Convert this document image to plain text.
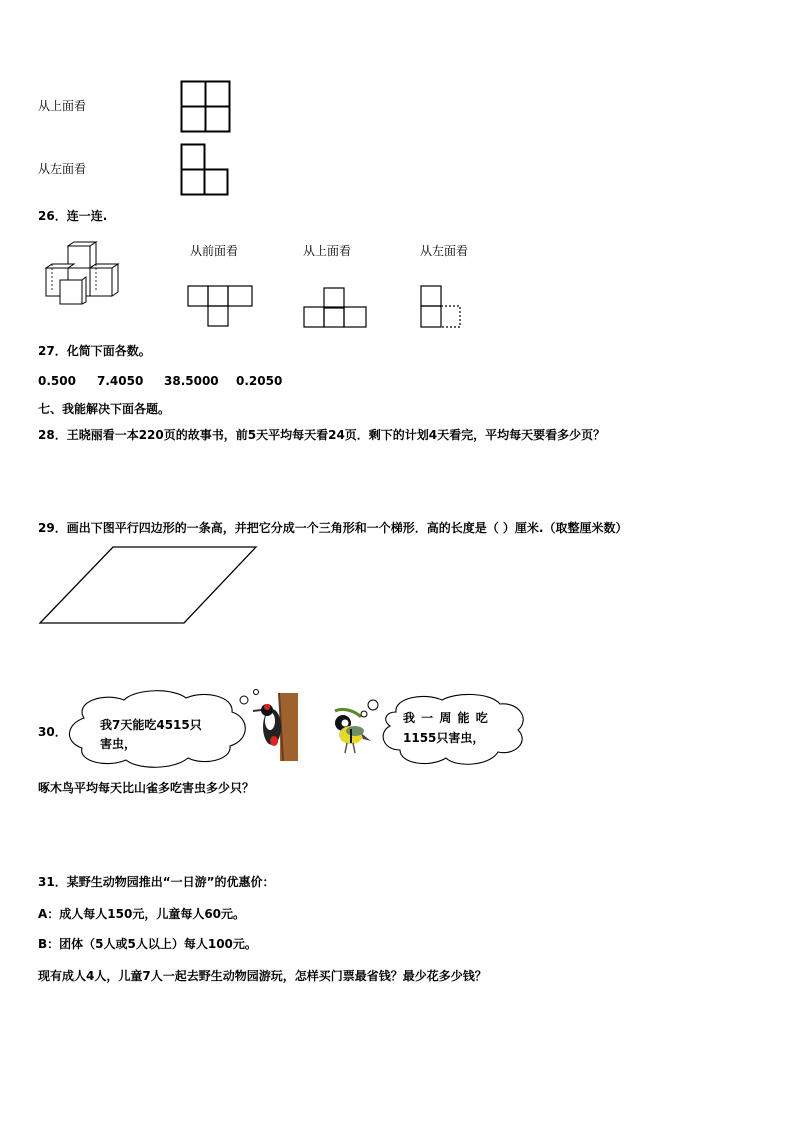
从上面看
从左面看
26．连一连.
从前面看	从上面看	从左面看
27．化简下面各数。
0.500 7.4050 38.5000 0.2050
七、我能解决下面各题。
28．王晓丽看一本220页的故事书，前5天平均每天看24页．剩下的计划4天看完，平均每天要看多少页？
29．画出下图平行四边形的一条高，并把它分成一个三角形和一个梯形．高的长度是（ ）厘米.（取整厘米数）
30．	我7天能吃4515只
害虫，
我 一 周 能 吃
1155只害虫，
啄木鸟平均每天比山雀多吃害虫多少只？
31．某野生动物园推出“一日游”的优惠价：
A：成人每人150元，儿童每人60元。
B：团体（5人或5人以上）每人100元。
现有成人4人，儿童7人一起去野生动物园游玩，怎样买门票最省钱？最少花多少钱？
